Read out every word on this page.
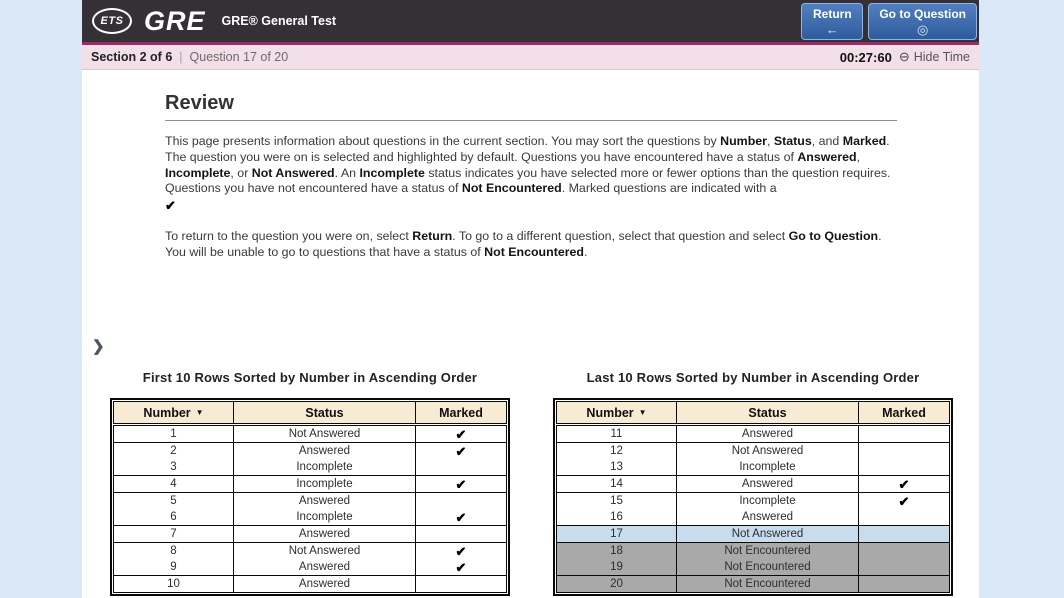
ETS GRE GRE® General Test	Return
←
Go to Question
◎
Section 2 of 6 | Question 17 of 20	00:27:60 ⊖ Hide Time
Review
This page presents information about questions in the current section. You may sort the questions by Number, Status, and Marked. The question you were on is selected and highlighted by default. Questions you have encountered have a status of Answered, Incomplete, or Not Answered. An Incomplete status indicates you have selected more or fewer options than the question requires. Questions you have not encountered have a status of Not Encountered. Marked questions are indicated with a
✔
To return to the question you were on, select Return. To go to a different question, select that question and select Go to Question. You will be unable to go to questions that have a status of Not Encountered.
❯
First 10 Rows Sorted by Number in Ascending Order
Number ▼	Status	Marked
1	Not Answered	✔
2	Answered	✔
3	Incomplete
4	Incomplete	✔
5	Answered
6	Incomplete	✔
7	Answered
8	Not Answered	✔
9	Answered	✔
10	Answered
Last 10 Rows Sorted by Number in Ascending Order
Number ▼	Status	Marked
11	Answered
12	Not Answered
13	Incomplete
14	Answered	✔
15	Incomplete	✔
16	Answered
17	Not Answered
18	Not Encountered
19	Not Encountered
20	Not Encountered
